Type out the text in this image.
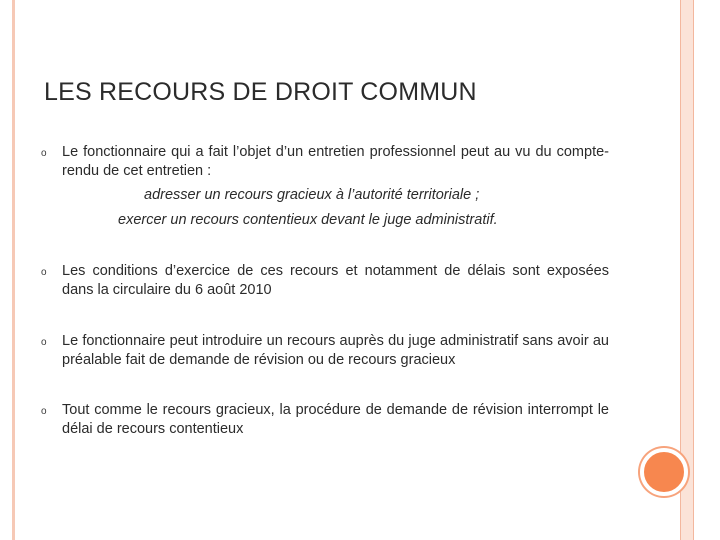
LES RECOURS DE DROIT COMMUN
o Le fonctionnaire qui a fait l’objet d’un entretien professionnel peut au vu du compte-rendu de cet entretien :
adresser un recours gracieux à l’autorité territoriale ;
exercer un recours contentieux devant le juge administratif.
o Les conditions d’exercice de ces recours et notamment de délais sont exposées dans la circulaire du 6 août 2010
o Le fonctionnaire peut introduire un recours auprès du juge administratif sans avoir au préalable fait de demande de révision ou de recours gracieux
o Tout comme le recours gracieux, la procédure de demande de révision interrompt le délai de recours contentieux
